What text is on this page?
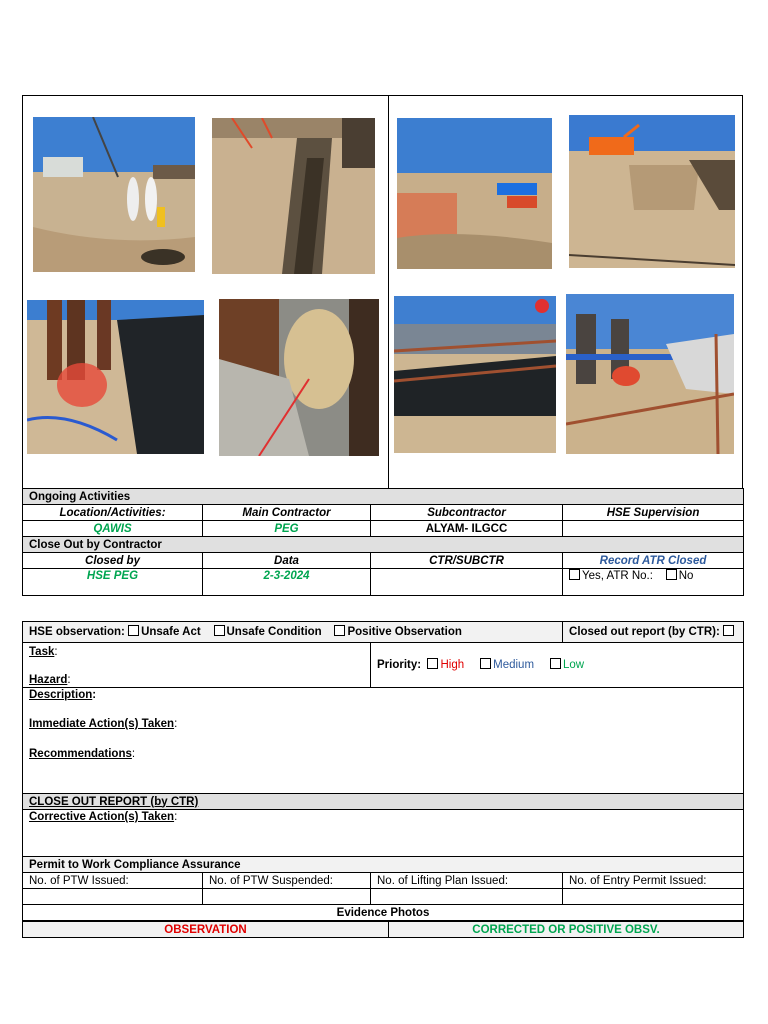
Ongoing Activities			
Location/Activities:	Main Contractor	Subcontractor	HSE Supervision
QAWIS	PEG	ALYAM- ILGCC	
Close Out by Contractor			
Closed by	Data	CTR/SUBCTR	Record ATR Closed
HSE PEG	2-3-2024		Yes, ATR No.: No
HSE observation: Unsafe Act Unsafe Condition Positive Observation			Closed out report (by CTR):

Task:
Hazard:		Priority: High Medium Low	

Description:
Immediate Action(s) Taken:
Recommendations:			

CLOSE OUT REPORT (by CTR)			
Corrective Action(s) Taken:			
Permit to Work Compliance Assurance			
No. of PTW Issued:	No. of PTW Suspended:	No. of Lifting Plan Issued:	No. of Entry Permit Issued:

Evidence Photos			
OBSERVATION	CORRECTED OR POSITIVE OBSV.
